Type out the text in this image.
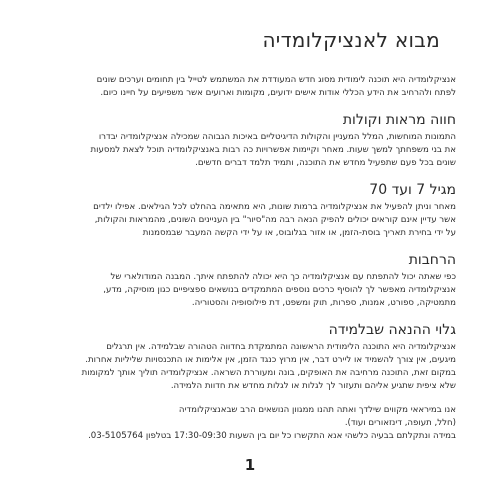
מבוא לאנציקלומדיה

אנציקלומדיה היא תוכנה לימודית מסוג חדש המעודדת את המשתמש לטייל בין תחומים וערכים שונים

לפתח ולהרחיב את הידע הכללי אודות אישים ידועים, מקומות וארועים אשר משפיעים על חיינו כיום.

חווה מראות וקולות

התמונות המוחשות, המלל המעניין והקולות הדיגיטליים באיכות הגבוהה שמכילה אנציקלומדיה יבדרו

את בני משפחתך למשך שעות. מאחר וקיימות אפשרויות כה רבות באנציקלומדיה תוכל לצאת למסעות

שונים בכל פעם שתפעיל מחדש את התוכנה, ותמיד תלמד דברים חדשים.

מגיל 7 ועד 70

מאחר וניתן להפעיל את אנציקלומדיה ברמות שונות, היא מתאימה בהחלט לכל הגילאים. אפילו ילדים

אשר עדיין אינם קוראים יכולים להפיק הנאה רבה מה"סיור" בין העניינים השונים, מהמראות והקולות,

על ידי בחירת תאריך בוסת-הזמן, או אזור בגלובוס, או על ידי הקשה המעבר שבמסמנות

הרחבות

כפי שאתה יכול להתפתח עם אנציקלומדיה כך היא יכולה להתפתח איתך. המבנה המודולארי של

אנציקלומדיה מאפשר לך להוסיף כרכים נוספים המתמקדים בנושאים ספציפיים כגון מוסיקה, מדע,

מתמטיקה, ספורט, אמנות, ספרות, תוק ומשפט, דת פילוסופיה והסטוריה.

גלוי ההנאה שבלמידה

אנציקלומדיה היא התוכנה הלימודית הראשונה המתמקדת בחדווה הטהורה שבלמידה. אין תרגלים

מיגעים, אין צורך להשמיד או ליירט דבר, אין מרוץ כנגד הזמן, אין אלימות או התכנסויות שליליות אחרות.

במקום זאת, התוכנה מרחיבה את האופקים, בונה ומעוררת השראה. אנציקלומדיה תוליך אותך למקומות

שלא ציפית שתגיע אליהם ותעזור לך לגלות או לגלות מחדש את חדוות הלמידה.

אנו במיראאי מקווים שילדך ואתה תהנו ממגוון הנושאים הרב שבאנציקלומדיה

(חלל, תעופה, דינזאורים ועוד).

במידה ונתקלתם בבעיה כלשהי אנא התקשרו כל יום בין השעות 17:30-09:30 בטלפון 03-5105764.

1
